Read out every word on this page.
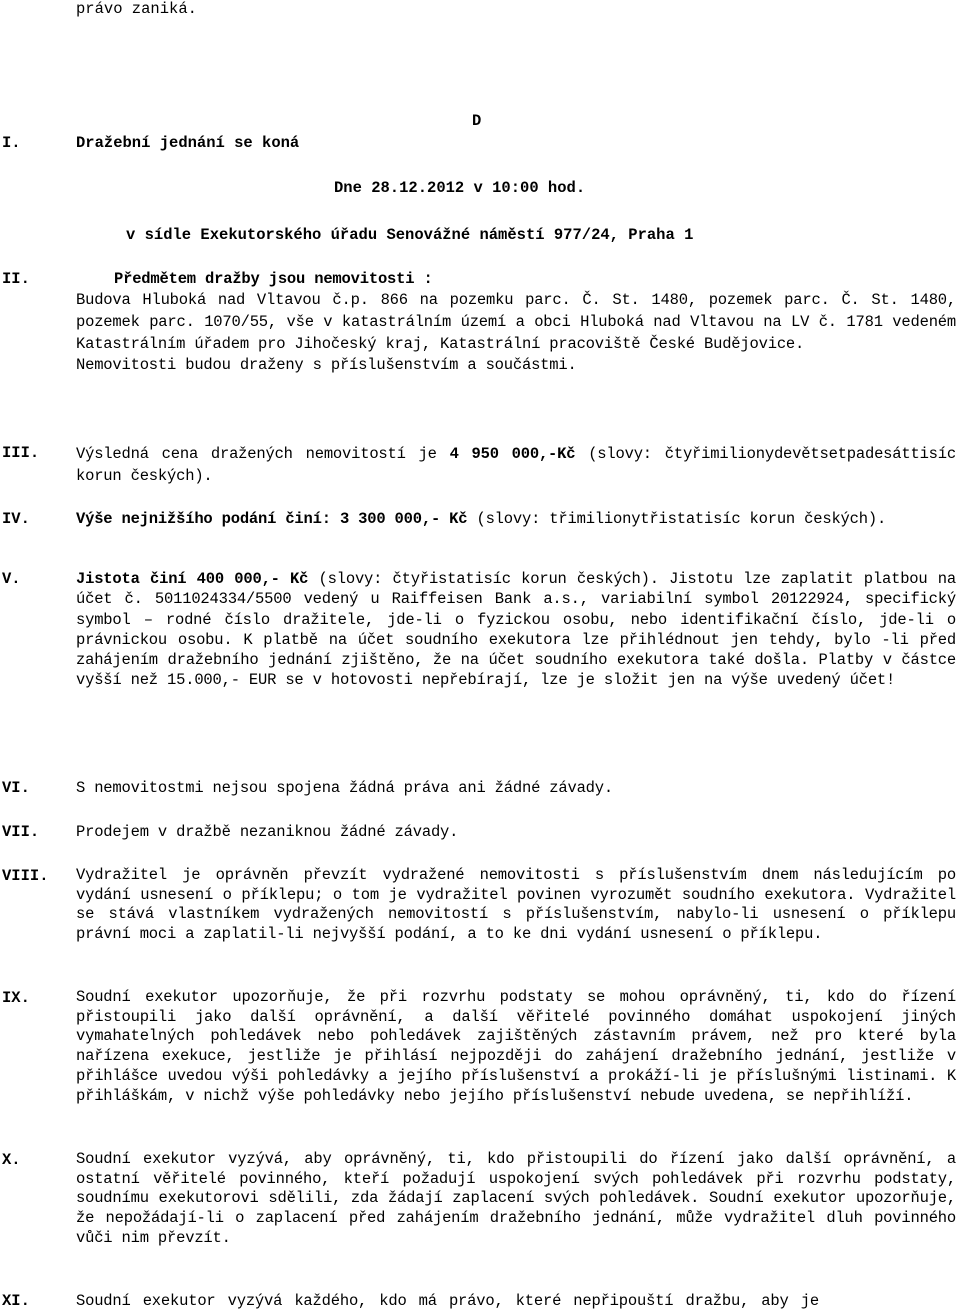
právo zaniká.
I.	Dražební jednání se koná
D
Dne 28.12.2012 v 10:00 hod.
v sídle Exekutorského úřadu Senovážné náměstí 977/24, Praha 1
II.	Předmětem dražby jsou nemovitosti :
Budova Hluboká nad Vltavou č.p. 866 na pozemku parc. Č. St. 1480, pozemek parc. Č. St. 1480, pozemek parc. 1070/55, vše v katastrálním území a obci Hluboká nad Vltavou na LV č. 1781 vedeném Katastrálním úřadem pro Jihočeský kraj, Katastrální pracoviště České Budějovice.
Nemovitosti budou draženy s příslušenstvím a součástmi.
III. Výsledná cena dražených nemovitostí je 4 950 000,-Kč (slovy: čtyřimilionydevětsetpadesáttisíc korun českých).
IV.	Výše nejnižšího podání činí: 3 300 000,- Kč (slovy: třimilionytřistatisíc korun českých).
V.	Jistota činí 400 000,- Kč (slovy: čtyřistatisíc korun českých). Jistotu lze zaplatit platbou na účet č. 5011024334/5500 vedený u Raiffeisen Bank a.s., variabilní symbol 20122924, specifický symbol – rodné číslo dražitele, jde-li o fyzickou osobu, nebo identifikační číslo, jde-li o právnickou osobu. K platbě na účet soudního exekutora lze přihlédnout jen tehdy, bylo -li před zahájením dražebního jednání zjištěno, že na účet soudního exekutora také došla. Platby v částce vyšší než 15.000,- EUR se v hotovosti nepřebírají, lze je složit jen na výše uvedený účet!
VI.	S nemovitostmi nejsou spojena žádná práva ani žádné závady.
VII. Prodejem v dražbě nezaniknou žádné závady.
VIII. Vydražitel je oprávněn převzít vydražené nemovitosti s příslušenstvím dnem následujícím po vydání usnesení o příklepu; o tom je vydražitel povinen vyrozumět soudního exekutora. Vydražitel se stává vlastníkem vydražených nemovitostí s příslušenstvím, nabylo-li usnesení o příklepu právní moci a zaplatil-li nejvyšší podání, a to ke dni vydání usnesení o příklepu.
IX.	Soudní exekutor upozorňuje, že při rozvrhu podstaty se mohou oprávněný, ti, kdo do řízení přistoupili jako další oprávnění, a další věřitelé povinného domáhat uspokojení jiných vymahatelných pohledávek nebo pohledávek zajištěných zástavním právem, než pro které byla nařízena exekuce, jestliže je přihlásí nejpozději do zahájení dražebního jednání, jestliže v přihlášce uvedou výši pohledávky a jejího příslušenství a prokáží-li je příslušnými listinami. K přihláškám, v nichž výše pohledávky nebo jejího příslušenství nebude uvedena, se nepřihlíží.
X.	Soudní exekutor vyzývá, aby oprávněný, ti, kdo přistoupili do řízení jako další oprávnění, a ostatní věřitelé povinného, kteří požadují uspokojení svých pohledávek při rozvrhu podstaty, soudnímu exekutorovi sdělili, zda žádají zaplacení svých pohledávek. Soudní exekutor upozorňuje, že nepožádají-li o zaplacení před zahájením dražebního jednání, může vydražitel dluh povinného vůči nim převzít.
XI.	Soudní exekutor vyzývá každého, kdo má právo, které nepřipouští dražbu, aby je
